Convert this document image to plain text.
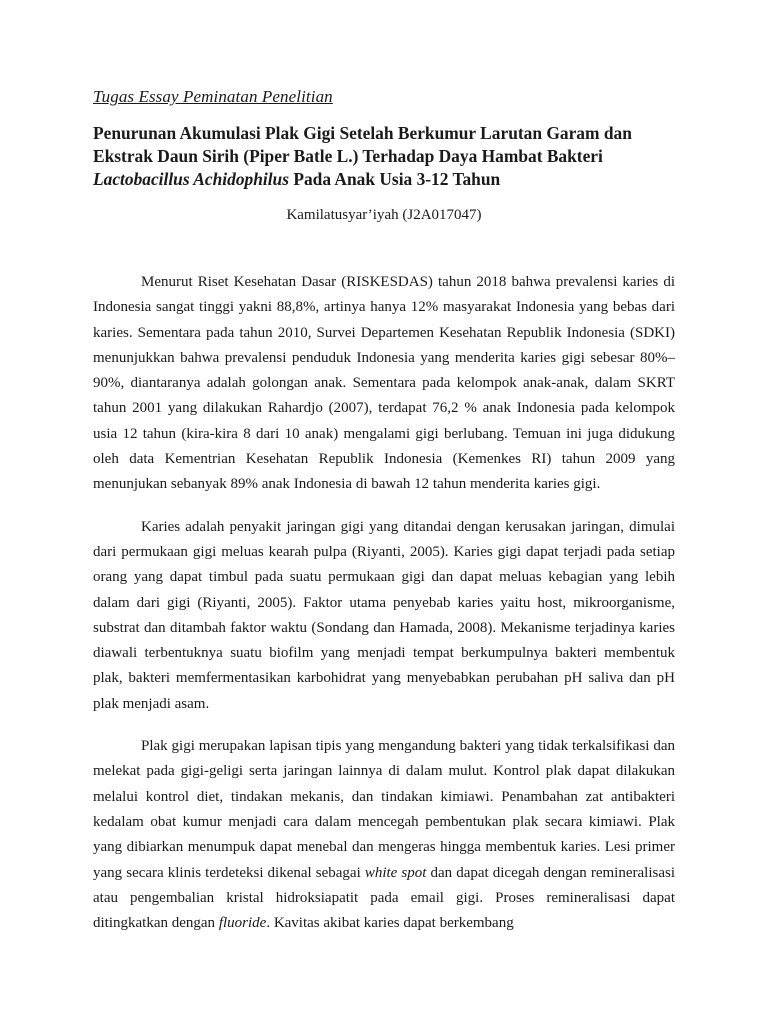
Tugas Essay Peminatan Penelitian

Penurunan Akumulasi Plak Gigi Setelah Berkumur Larutan Garam dan
Ekstrak Daun Sirih (Piper Batle L.) Terhadap Daya Hambat Bakteri
Lactobacillus Achidophilus Pada Anak Usia 3-12 Tahun

Kamilatusyar’iyah (J2A017047)

Menurut Riset Kesehatan Dasar (RISKESDAS) tahun 2018 bahwa prevalensi karies di Indonesia sangat tinggi yakni 88,8%, artinya hanya 12% masyarakat Indonesia yang bebas dari karies. Sementara pada tahun 2010, Survei Departemen Kesehatan Republik Indonesia (SDKI) menunjukkan bahwa prevalensi penduduk Indonesia yang menderita karies gigi sebesar 80%– 90%, diantaranya adalah golongan anak. Sementara pada kelompok anak-anak, dalam SKRT tahun 2001 yang dilakukan Rahardjo (2007), terdapat 76,2 % anak Indonesia pada kelompok usia 12 tahun (kira-kira 8 dari 10 anak) mengalami gigi berlubang. Temuan ini juga didukung oleh data Kementrian Kesehatan Republik Indonesia (Kemenkes RI) tahun 2009 yang menunjukan sebanyak 89% anak Indonesia di bawah 12 tahun menderita karies gigi.

Karies adalah penyakit jaringan gigi yang ditandai dengan kerusakan jaringan, dimulai dari permukaan gigi meluas kearah pulpa (Riyanti, 2005). Karies gigi dapat terjadi pada setiap orang yang dapat timbul pada suatu permukaan gigi dan dapat meluas kebagian yang lebih dalam dari gigi (Riyanti, 2005). Faktor utama penyebab karies yaitu host, mikroorganisme, substrat dan ditambah faktor waktu (Sondang dan Hamada, 2008). Mekanisme terjadinya karies diawali terbentuknya suatu biofilm yang menjadi tempat berkumpulnya bakteri membentuk plak, bakteri memfermentasikan karbohidrat yang menyebabkan perubahan pH saliva dan pH plak menjadi asam.

Plak gigi merupakan lapisan tipis yang mengandung bakteri yang tidak terkalsifikasi dan melekat pada gigi-geligi serta jaringan lainnya di dalam mulut. Kontrol plak dapat dilakukan melalui kontrol diet, tindakan mekanis, dan tindakan kimiawi. Penambahan zat antibakteri kedalam obat kumur menjadi cara dalam mencegah pembentukan plak secara kimiawi. Plak yang dibiarkan menumpuk dapat menebal dan mengeras hingga membentuk karies. Lesi primer yang secara klinis terdeteksi dikenal sebagai white spot dan dapat dicegah dengan remineralisasi atau pengembalian kristal hidroksiapatit pada email gigi. Proses remineralisasi dapat ditingkatkan dengan fluoride. Kavitas akibat karies dapat berkembang
